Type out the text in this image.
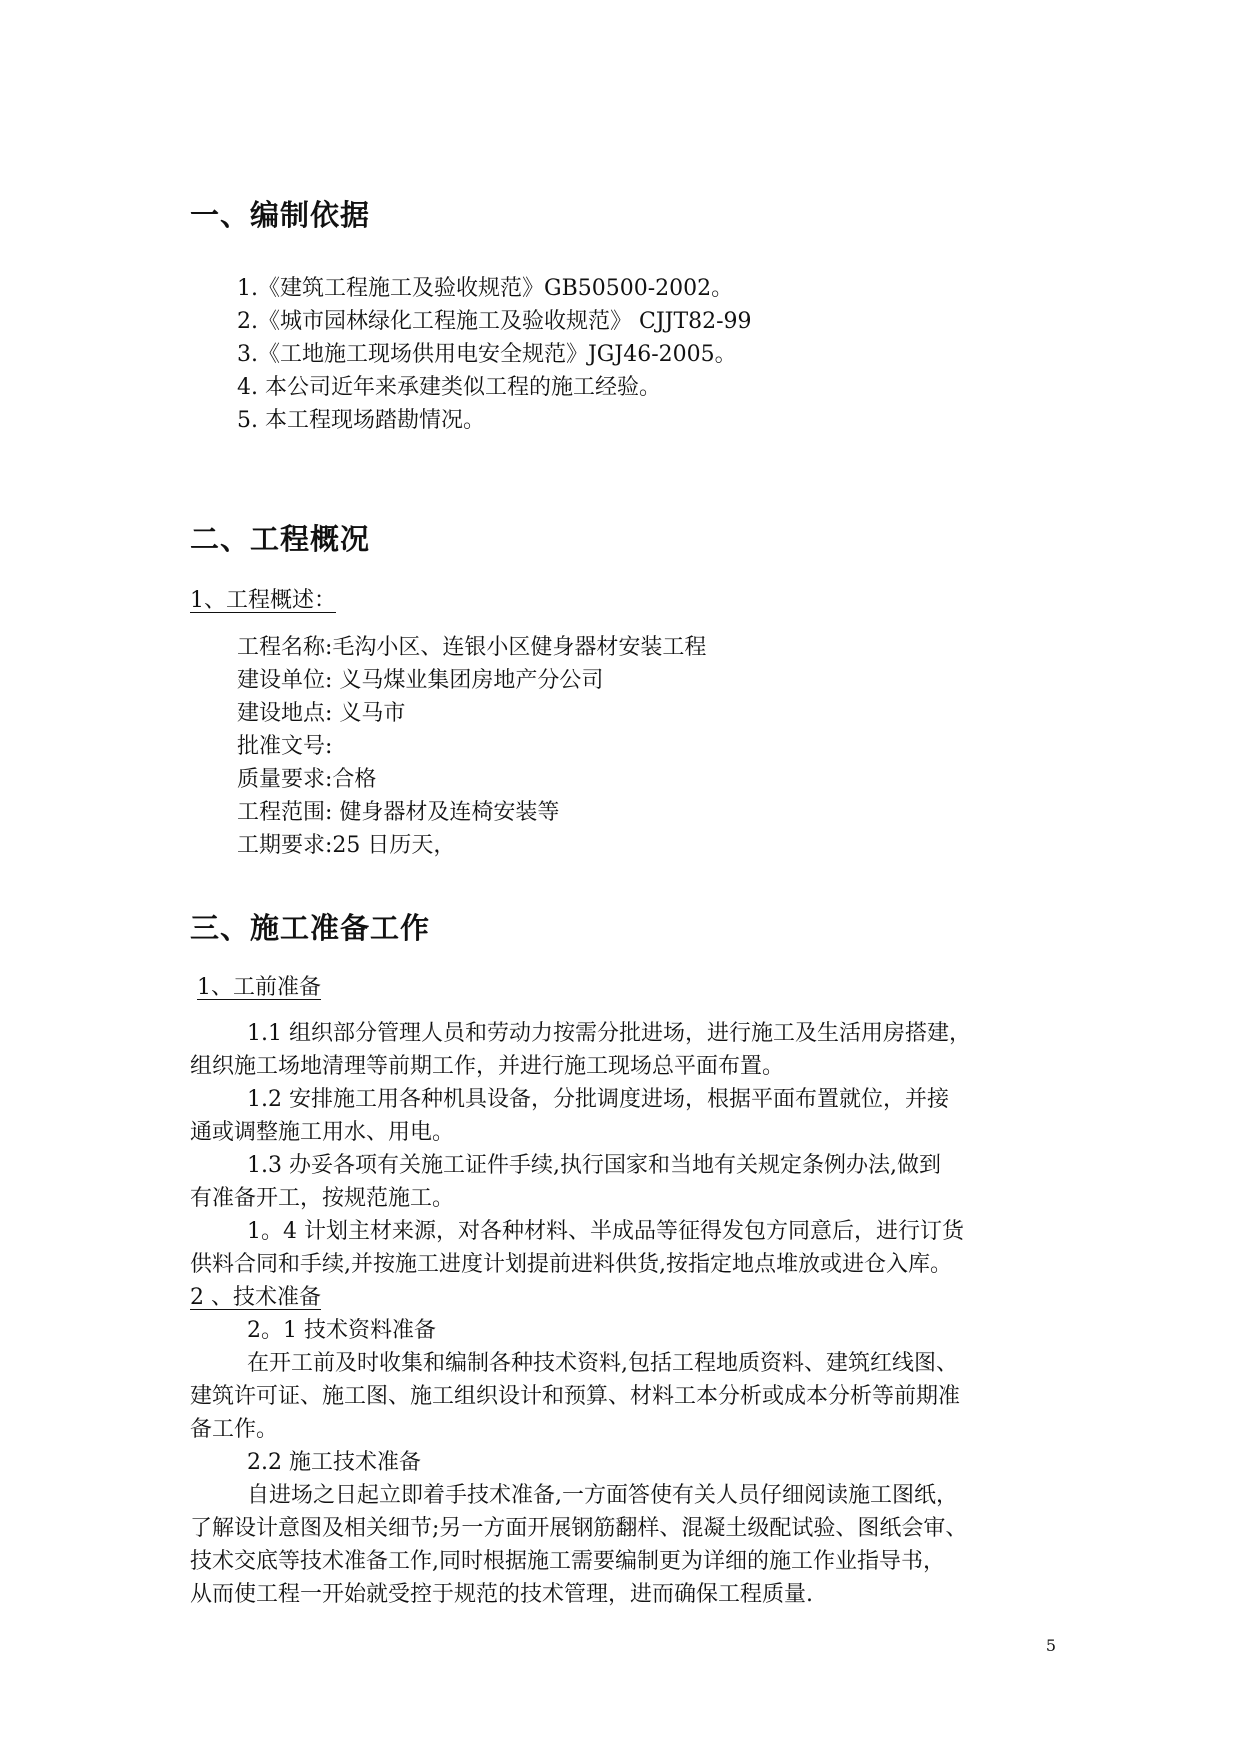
一、编制依据
1.《建筑工程施工及验收规范》GB50500-2002。
2.《城市园林绿化工程施工及验收规范》 CJJT82-99
3.《工地施工现场供用电安全规范》JGJ46-2005。
4. 本公司近年来承建类似工程的施工经验。
5. 本工程现场踏勘情况。
二、工程概况
1、工程概述：
工程名称:毛沟小区、连银小区健身器材安装工程
建设单位: 义马煤业集团房地产分公司
建设地点: 义马市
批准文号:
质量要求:合格
工程范围: 健身器材及连椅安装等
工期要求:25 日历天，
三、施工准备工作
1、工前准备
1.1 组织部分管理人员和劳动力按需分批进场，进行施工及生活用房搭建，
组织施工场地清理等前期工作，并进行施工现场总平面布置。
1.2 安排施工用各种机具设备，分批调度进场，根据平面布置就位，并接
通或调整施工用水、用电。
1.3 办妥各项有关施工证件手续,执行国家和当地有关规定条例办法,做到
有准备开工，按规范施工。
1。4 计划主材来源，对各种材料、半成品等征得发包方同意后，进行订货
供料合同和手续,并按施工进度计划提前进料供货,按指定地点堆放或进仓入库。
2 、技术准备
2。1 技术资料准备
在开工前及时收集和编制各种技术资料,包括工程地质资料、建筑红线图、
建筑许可证、施工图、施工组织设计和预算、材料工本分析或成本分析等前期准
备工作。
2.2 施工技术准备
自进场之日起立即着手技术准备,一方面答使有关人员仔细阅读施工图纸，
了解设计意图及相关细节;另一方面开展钢筋翻样、混凝土级配试验、图纸会审、
技术交底等技术准备工作,同时根据施工需要编制更为详细的施工作业指导书，
从而使工程一开始就受控于规范的技术管理，进而确保工程质量.
5
